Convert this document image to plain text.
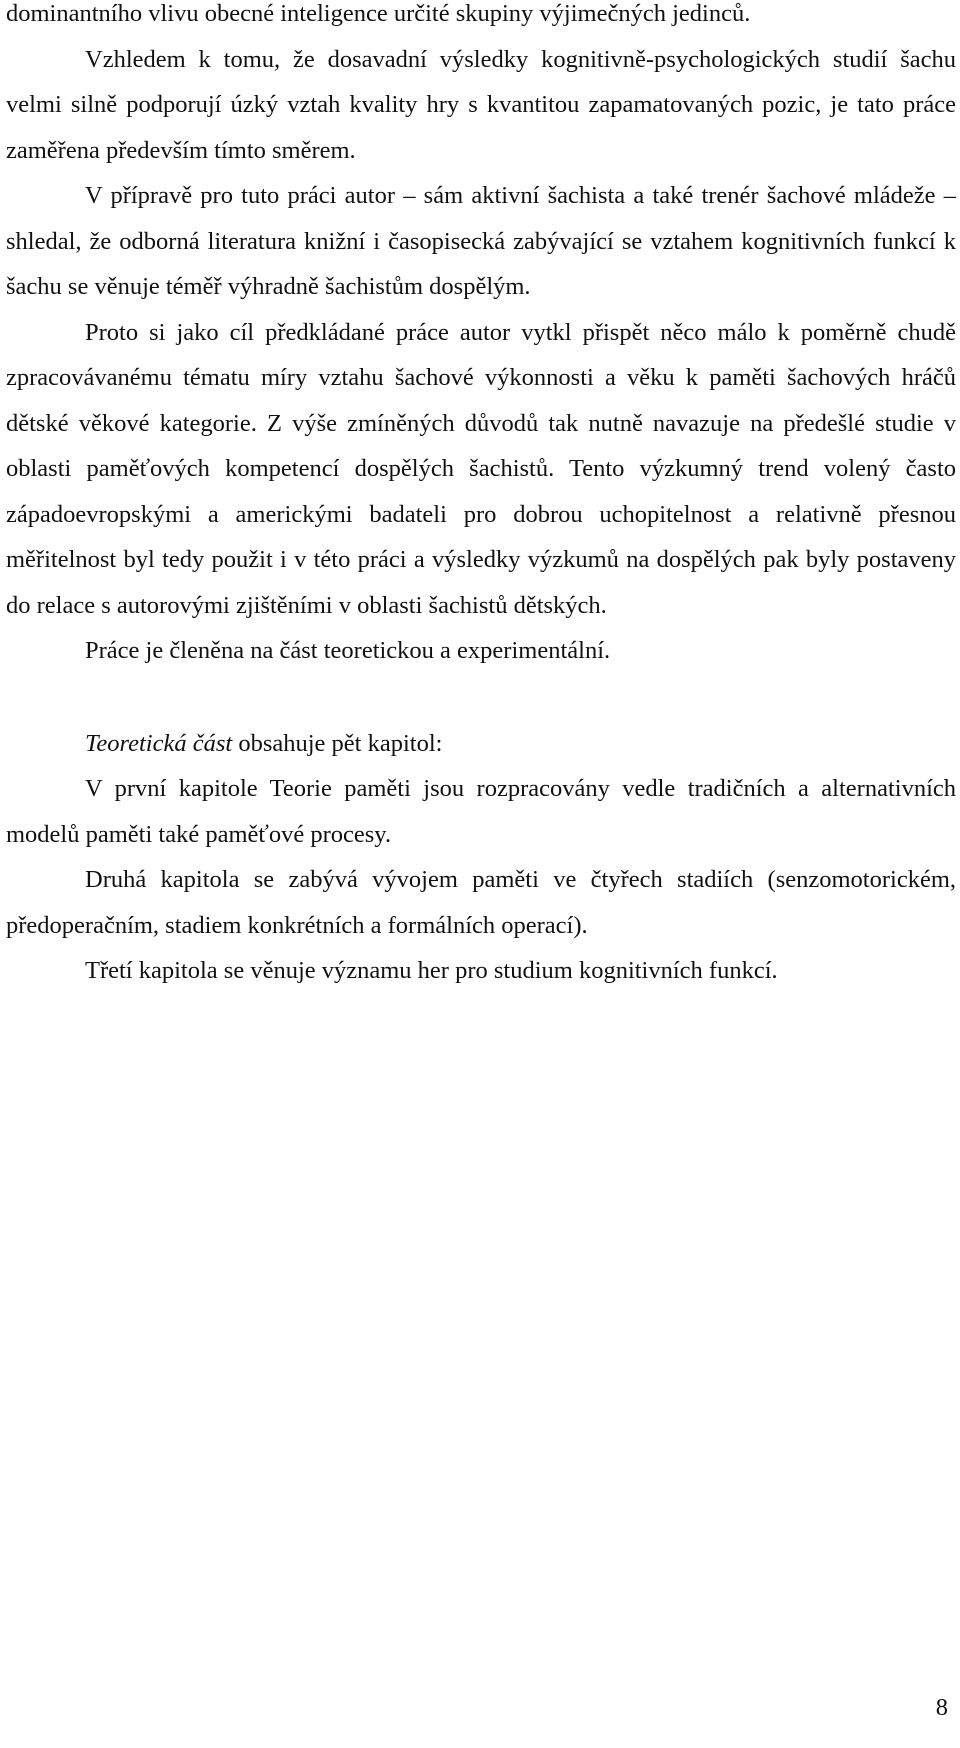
dominantního vlivu obecné inteligence určité skupiny výjimečných jedinců.

Vzhledem k tomu, že dosavadní výsledky kognitivně-psychologických studií šachu velmi silně podporují úzký vztah kvality hry s kvantitou zapamatovaných pozic, je tato práce zaměřena především tímto směrem.

V přípravě pro tuto práci autor – sám aktivní šachista a také trenér šachové mládeže – shledal, že odborná literatura knižní i časopisecká zabývající se vztahem kognitivních funkcí k šachu se věnuje téměř výhradně šachistům dospělým.

Proto si jako cíl předkládané práce autor vytkl přispět něco málo k poměrně chudě zpracovávanému tématu míry vztahu šachové výkonnosti a věku k paměti šachových hráčů dětské věkové kategorie. Z výše zmíněných důvodů tak nutně navazuje na předešlé studie v oblasti paměťových kompetencí dospělých šachistů. Tento výzkumný trend volený často západoevropskými a americkými badateli pro dobrou uchopitelnost a relativně přesnou měřitelnost byl tedy použit i v této práci a výsledky výzkumů na dospělých pak byly postaveny do relace s autorovými zjištěními v oblasti šachistů dětských.

Práce je členěna na část teoretickou a experimentální.

Teoretická část obsahuje pět kapitol:

V první kapitole Teorie paměti jsou rozpracovány vedle tradičních a alternativních modelů paměti také paměťové procesy.

Druhá kapitola se zabývá vývojem paměti ve čtyřech stadiích (senzomotorickém, předoperačním, stadiem konkrétních a formálních operací).

Třetí kapitola se věnuje významu her pro studium kognitivních funkcí.

8
